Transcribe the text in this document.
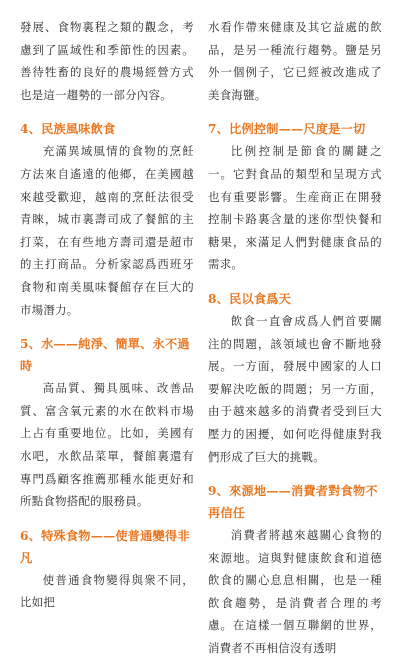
發展、食物裏程之類的觀念，考慮到了區域性和季節性的因素。善待牲畜的良好的農場經營方式也是這一趨勢的一部分內容。

4、民族風味飲食

充滿異域風情的食物的烹飪方法來自遙遠的他鄉，在美國越來越受歡迎，越南的烹飪法很受青睞，城市裏壽司成了餐館的主打菜，在有些地方壽司還是超市的主打商品。分析家認爲西班牙食物和南美風味餐館存在巨大的市場潛力。

5、水——純淨、簡單、永不過時

高品質、獨具風味、改善品質、富含氧元素的水在飲料市場上占有重要地位。比如，美國有水吧，水飲品菜單，餐館裏還有專門爲顧客推薦那種水能更好和所點食物搭配的服務員。

6、特殊食物——使普通變得非凡

使普通食物變得與衆不同，比如把

水看作帶來健康及其它益處的飲品，是另一種流行趨勢。鹽是另外一個例子，它已經被改進成了美食海鹽。

7、比例控制——尺度是一切

比例控制是節食的關鍵之一。它對食品的類型和呈現方式也有重要影響。生産商正在開發控制卡路裏含量的迷你型快餐和糖果，來滿足人們對健康食品的需求。

8、民以食爲天

飲食一直會成爲人們首要關注的問題，該領域也會不斷地發展。一方面，發展中國家的人口要解決吃飯的問題；另一方面，由于越來越多的消費者受到巨大壓力的困擾，如何吃得健康對我們形成了巨大的挑戰。

9、來源地——消費者對食物不再信任

消費者將越來越關心食物的來源地。這與對健康飲食和道德飲食的關心息息相關，也是一種飲食趨勢，是消費者合理的考慮。在這樣一個互聯網的世界，消費者不再相信沒有透明
